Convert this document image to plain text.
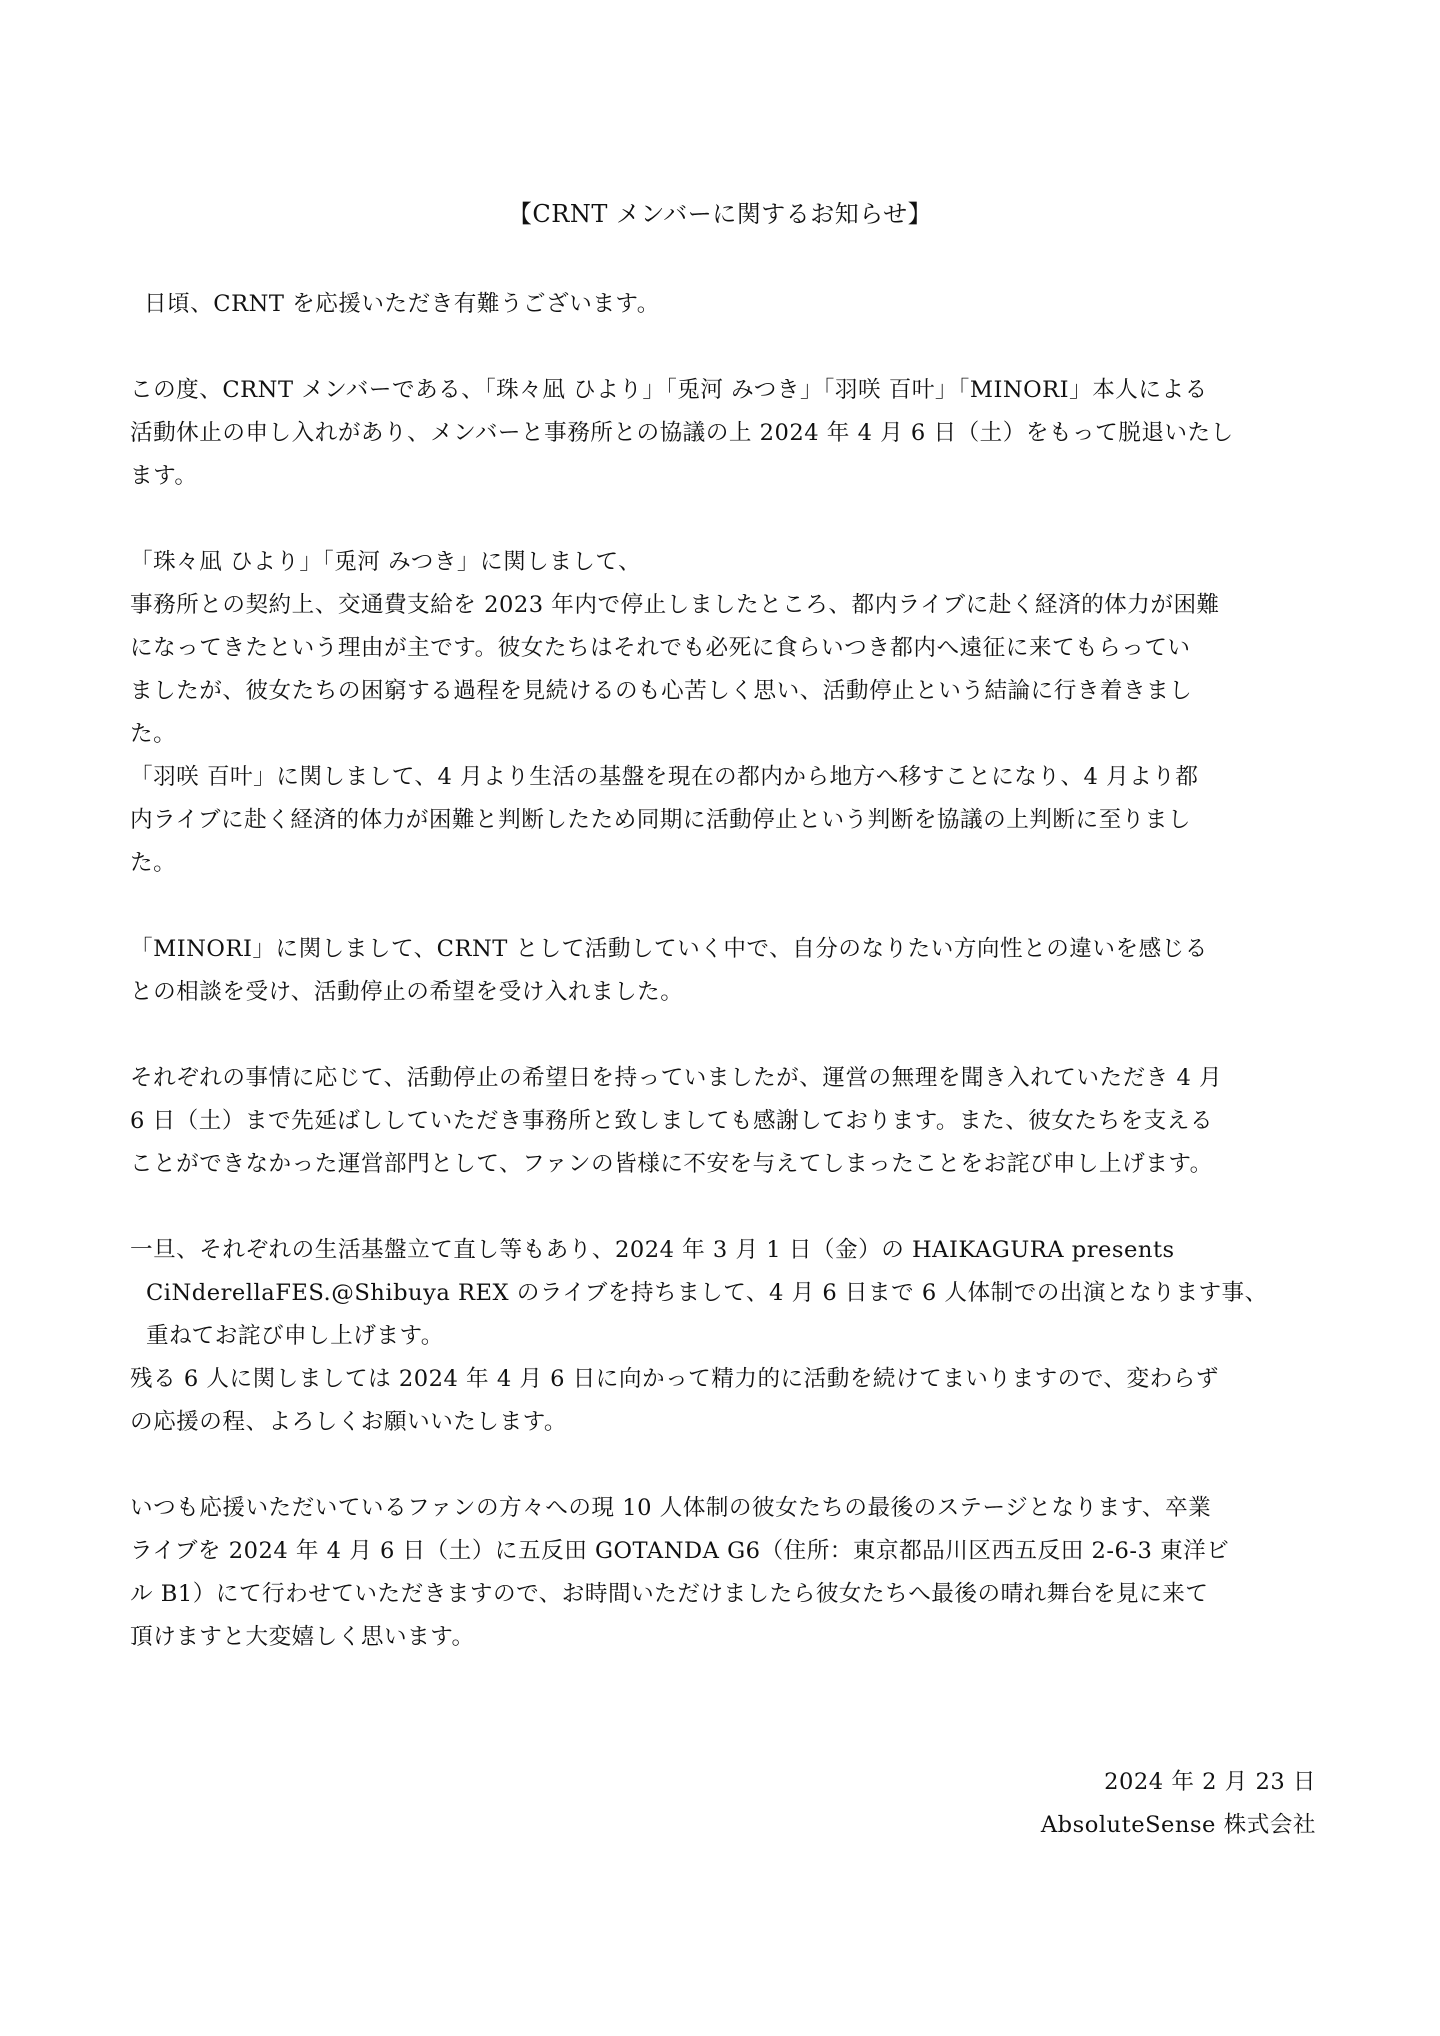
【CRNT メンバーに関するお知らせ】
日頃、CRNT を応援いただき有難うございます。
この度、CRNT メンバーである、「珠々凪 ひより」「兎河 みつき」「羽咲 百叶」「MINORI」本人による
活動休止の申し入れがあり、メンバーと事務所との協議の上 2024 年 4 月 6 日（土）をもって脱退いたし
ます。
「珠々凪 ひより」「兎河 みつき」に関しまして、
事務所との契約上、交通費支給を 2023 年内で停止しましたところ、都内ライブに赴く経済的体力が困難
になってきたという理由が主です。彼女たちはそれでも必死に食らいつき都内へ遠征に来てもらってい
ましたが、彼女たちの困窮する過程を見続けるのも心苦しく思い、活動停止という結論に行き着きまし
た。
「羽咲 百叶」に関しまして、4 月より生活の基盤を現在の都内から地方へ移すことになり、4 月より都
内ライブに赴く経済的体力が困難と判断したため同期に活動停止という判断を協議の上判断に至りまし
た。
「MINORI」に関しまして、CRNT として活動していく中で、自分のなりたい方向性との違いを感じる
との相談を受け、活動停止の希望を受け入れました。
それぞれの事情に応じて、活動停止の希望日を持っていましたが、運営の無理を聞き入れていただき 4 月
6 日（土）まで先延ばししていただき事務所と致しましても感謝しております。また、彼女たちを支える
ことができなかった運営部門として、ファンの皆様に不安を与えてしまったことをお詫び申し上げます。
一旦、それぞれの生活基盤立て直し等もあり、2024 年 3 月 1 日（金）の HAIKAGURA presents
CiNderellaFES.@Shibuya REX のライブを持ちまして、4 月 6 日まで 6 人体制での出演となります事、
重ねてお詫び申し上げます。
残る 6 人に関しましては 2024 年 4 月 6 日に向かって精力的に活動を続けてまいりますので、変わらず
の応援の程、よろしくお願いいたします。
いつも応援いただいているファンの方々への現 10 人体制の彼女たちの最後のステージとなります、卒業
ライブを 2024 年 4 月 6 日（土）に五反田 GOTANDA G6（住所：東京都品川区西五反田 2-6-3 東洋ビ
ル B1）にて行わせていただきますので、お時間いただけましたら彼女たちへ最後の晴れ舞台を見に来て
頂けますと大変嬉しく思います。
2024 年 2 月 23 日
AbsoluteSense 株式会社
